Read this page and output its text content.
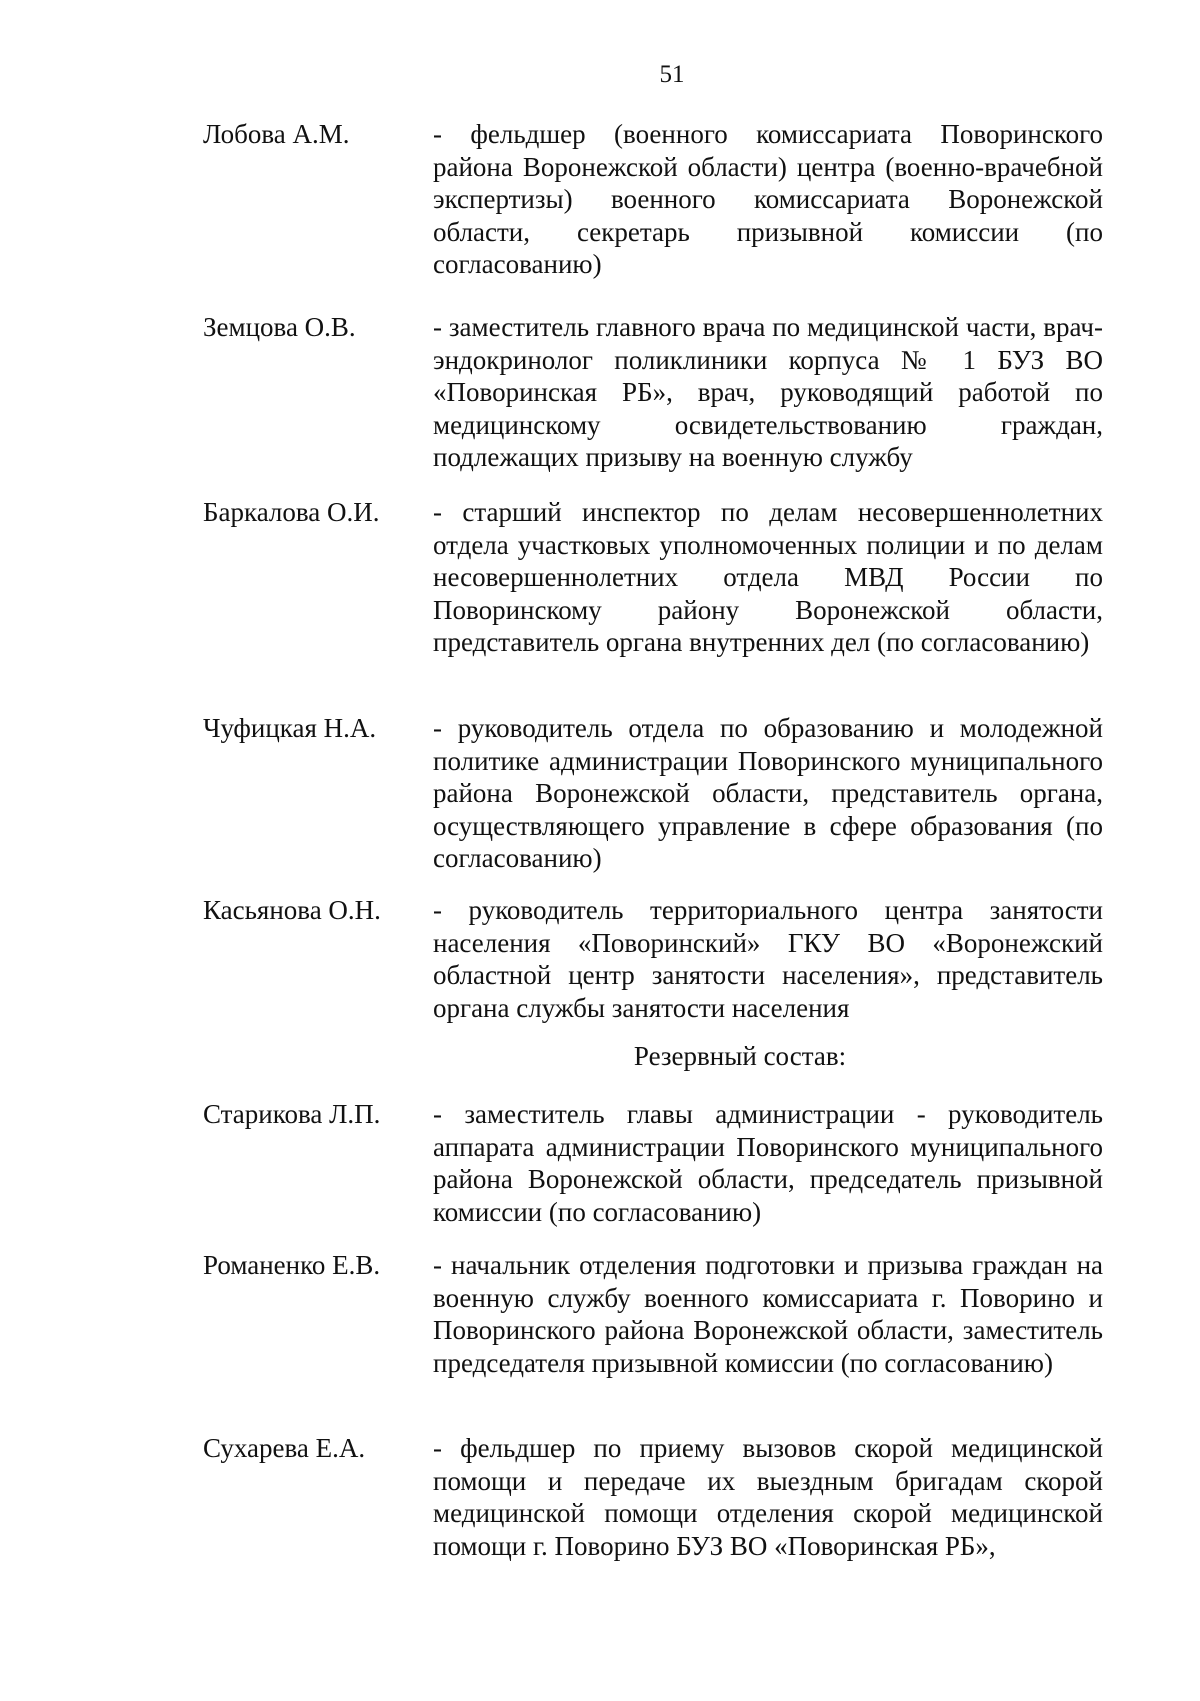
51
Лобова А.М.	- фельдшер (военного комиссариата Поворинского района Воронежской области) центра (военно-врачебной экспертизы) военного комиссариата Воронежской области, секретарь призывной комиссии (по согласованию)
Земцова О.В.	- заместитель главного врача по медицинской части, врач-эндокринолог поликлиники корпуса № 1 БУЗ ВО «Поворинская РБ», врач, руководящий работой по медицинскому освидетельствованию граждан, подлежащих призыву на военную службу
Баркалова О.И.	- старший инспектор по делам несовершеннолетних отдела участковых уполномоченных полиции и по делам несовершеннолетних отдела МВД России по Поворинскому району Воронежской области, представитель органа внутренних дел (по согласованию)
Чуфицкая Н.А.	- руководитель отдела по образованию и молодежной политике администрации Поворинского муниципального района Воронежской области, представитель органа, осуществляющего управление в сфере образования (по согласованию)
Касьянова О.Н.	- руководитель территориального центра занятости населения «Поворинский» ГКУ ВО «Воронежский областной центр занятости населения», представитель органа службы занятости населения
Резервный состав:
Старикова Л.П.	- заместитель главы администрации - руководитель аппарата администрации Поворинского муниципального района Воронежской области, председатель призывной комиссии (по согласованию)
Романенко Е.В.	- начальник отделения подготовки и призыва граждан на военную службу военного комиссариата г. Поворино и Поворинского района Воронежской области, заместитель председателя призывной комиссии (по согласованию)
Сухарева Е.А.	- фельдшер по приему вызовов скорой медицинской помощи и передаче их выездным бригадам скорой медицинской помощи отделения скорой медицинской помощи г. Поворино БУЗ ВО «Поворинская РБ»,
